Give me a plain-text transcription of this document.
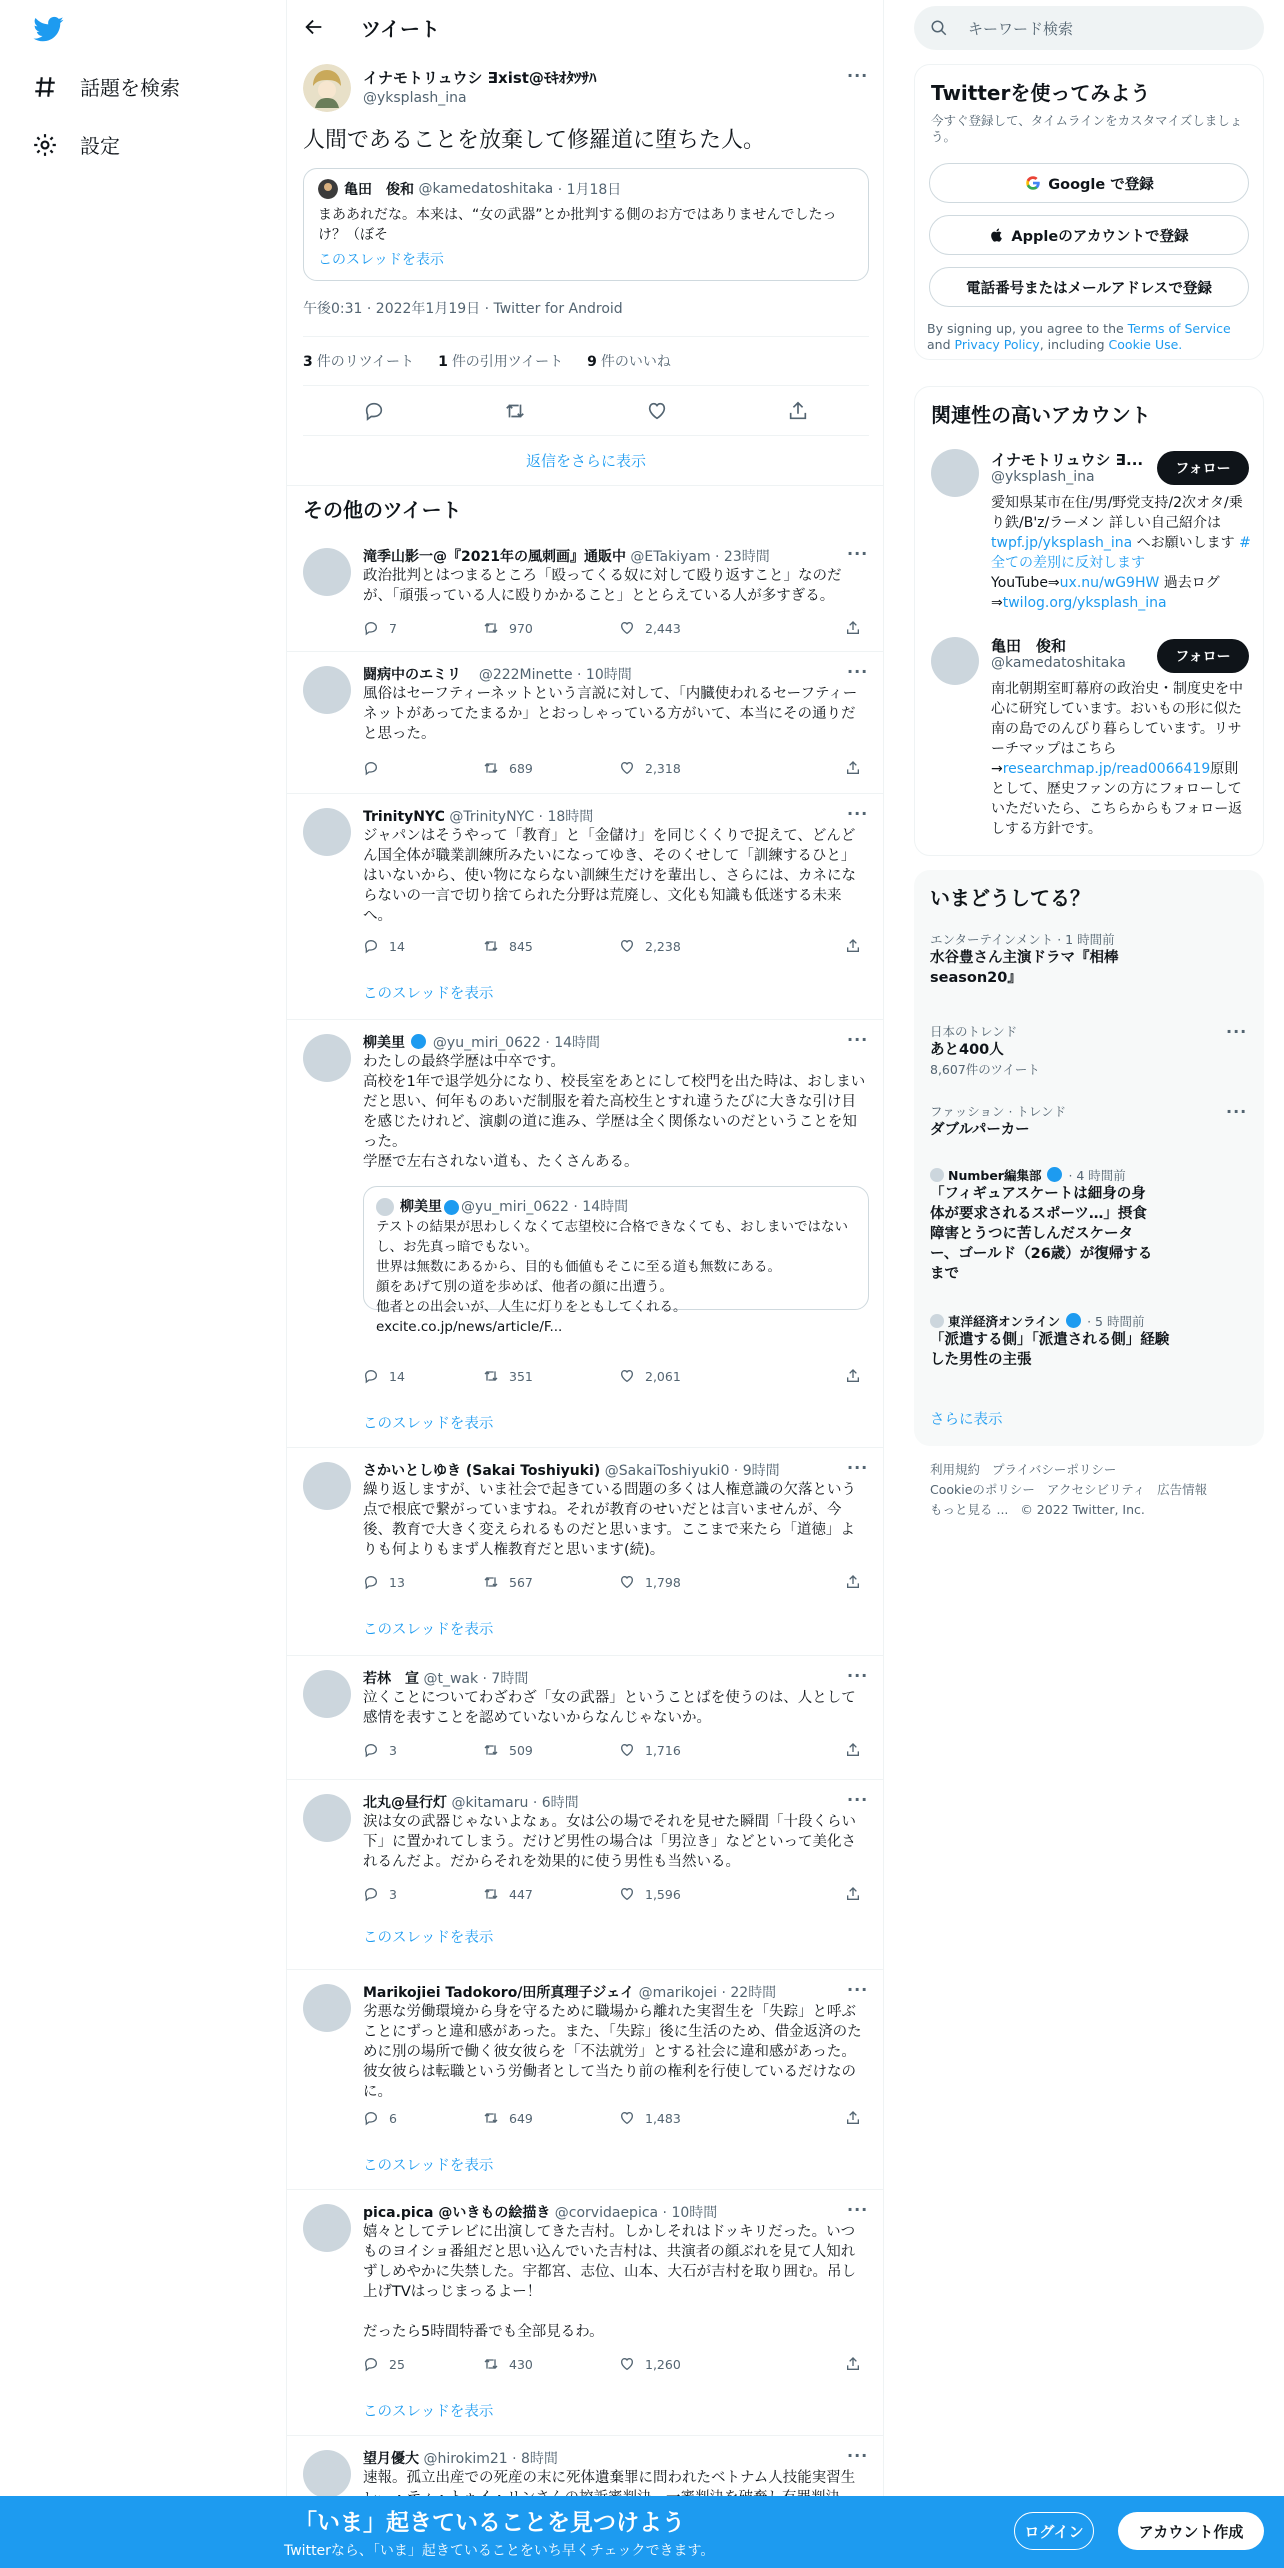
話題を検索
設定
ツイート
イナモトリュウシ ∃xist@ﾓｷｵﾀﾂｻﾊ
@yksplash_ina
···
人間であることを放棄して修羅道に堕ちた人。
亀田　俊和
@kamedatoshitaka
· 1月18日
まああれだな。本来は、“女の武器”とか批判する側のお方ではありませんでしたっけ？（ぼそ
このスレッドを表示
午後0:31 · 2022年1月19日 · Twitter for Android
3 件のリツイート 1 件の引用ツイート 9 件のいいね
返信をさらに表示
その他のツイート
滝季山影一@『2021年の風刺画』通販中 @ETakiyam · 23時間	···
政治批判とはつまるところ「殴ってくる奴に対して殴り返すこと」なのだが、「頑張っている人に殴りかかること」ととらえている人が多すぎる。
7	970	2,443
闘病中のエミリ @222Minette · 10時間	···
風俗はセーフティーネットという言説に対して、「内臓使われるセーフティーネットがあってたまるか」とおっしゃっている方がいて、本当にその通りだと思った。
689	2,318
TrinityNYC @TrinityNYC · 18時間	···
ジャパンはそうやって「教育」と「金儲け」を同じくくりで捉えて、どんどん国全体が職業訓練所みたいになってゆき、そのくせして「訓練するひと」はいないから、使い物にならない訓練生だけを輩出し、さらには、カネにならないの一言で切り捨てられた分野は荒廃し、文化も知識も低迷する未来へ。
14	845	2,238
このスレッドを表示
柳美里 @yu_miri_0622 · 14時間	···
わたしの最終学歴は中卒です。
高校を1年で退学処分になり、校長室をあとにして校門を出た時は、おしまいだと思い、何年ものあいだ制服を着た高校生とすれ違うたびに大きな引け目を感じたけれど、演劇の道に進み、学歴は全く関係ないのだということを知った。
学歴で左右されない道も、たくさんある。
柳美里 @yu_miri_0622 · 14時間
テストの結果が思わしくなくて志望校に合格できなくても、おしまいではないし、お先真っ暗でもない。
世界は無数にあるから、目的も価値もそこに至る道も無数にある。
顔をあげて別の道を歩めば、他者の顔に出遭う。
他者との出会いが、人生に灯りをともしてくれる。
excite.co.jp/news/article/F...
14	351	2,061
このスレッドを表示
さかいとしゆき (Sakai Toshiyuki) @SakaiToshiyuki0 · 9時間	···
繰り返しますが、いま社会で起きている問題の多くは人権意識の欠落という点で根底で繋がっていますね。それが教育のせいだとは言いませんが、今後、教育で大きく変えられるものだと思います。ここまで来たら「道徳」よりも何よりもまず人権教育だと思います(続)。
13	567	1,798
このスレッドを表示
若林　宣 @t_wak · 7時間	···
泣くことについてわざわざ「女の武器」ということばを使うのは、人として感情を表すことを認めていないからなんじゃないか。
3	509	1,716
北丸@昼行灯 @kitamaru · 6時間	···
涙は女の武器じゃないよなぁ。女は公の場でそれを見せた瞬間「十段くらい下」に置かれてしまう。だけど男性の場合は「男泣き」などといって美化されるんだよ。だからそれを効果的に使う男性も当然いる。
3	447	1,596
このスレッドを表示
Marikojiei Tadokoro/田所真理子ジェイ @marikojei · 22時間	···
劣悪な労働環境から身を守るために職場から離れた実習生を「失踪」と呼ぶことにずっと違和感があった。また、「失踪」後に生活のため、借金返済のために別の場所で働く彼女彼らを「不法就労」とする社会に違和感があった。彼女彼らは転職という労働者として当たり前の権利を行使しているだけなのに。
6	649	1,483
このスレッドを表示
pica.pica @いきもの絵描き @corvidaepica · 10時間	···
嬉々としてテレビに出演してきた吉村。しかしそれはドッキリだった。いつものヨイショ番組だと思い込んでいた吉村は、共演者の顔ぶれを見て人知れずしめやかに失禁した。宇都宮、志位、山本、大石が吉村を取り囲む。吊し上げTVはっじまっるよー！

だったら5時間特番でも全部見るわ。
25	430	1,260
このスレッドを表示
望月優大 @hirokim21 · 8時間	···
速報。孤立出産での死産の末に死体遺棄罪に問われたベトナム人技能実習生
キーワード検索
Twitterを使ってみよう
今すぐ登録して、タイムラインをカスタマイズしましょう。
Google で登録
Appleのアカウントで登録
電話番号またはメールアドレスで登録
By signing up, you agree to the Terms of Service and Privacy Policy, including Cookie Use.
関連性の高いアカウント
イナモトリュウシ ∃...
@yksplash_ina	フォロー
愛知県某市在住/男/野党支持/2次オタ/乗り鉄/B'z/ラーメン 詳しい自己紹介は twpf.jp/yksplash_ina へお願いします #全ての差別に反対します YouTube⇒ux.nu/wG9HW 過去ログ⇒twilog.org/yksplash_ina
亀田　俊和
@kamedatoshitaka	フォロー
南北朝期室町幕府の政治史・制度史を中心に研究しています。おいもの形に似た南の島でのんびり暮らしています。リサーチマップはこちら→researchmap.jp/read0066419原則として、歴史ファンの方にフォローしていただいたら、こちらからもフォロー返しする方針です。
いまどうしてる？
エンターテインメント · 1 時間前
水谷豊さん主演ドラマ『相棒season20』
日本のトレンド
あと400人
8,607件のツイート
···
ファッション · トレンド
ダブルパーカー
···
Number編集部 · 4 時間前
「フィギュアスケートは細身の身体が要求されるスポーツ…」摂食障害とうつに苦しんだスケーター、ゴールド（26歳）が復帰するまで
東洋経済オンライン · 5 時間前
「派遣する側」「派遣される側」経験した男性の主張
さらに表示
利用規約 プライバシーポリシー
Cookieのポリシー アクセシビリティ 広告情報
もっと見る ... © 2022 Twitter, Inc.
「いま」起きていることを見つけよう
Twitterなら、「いま」起きていることをいち早くチェックできます。
ログイン	アカウント作成
